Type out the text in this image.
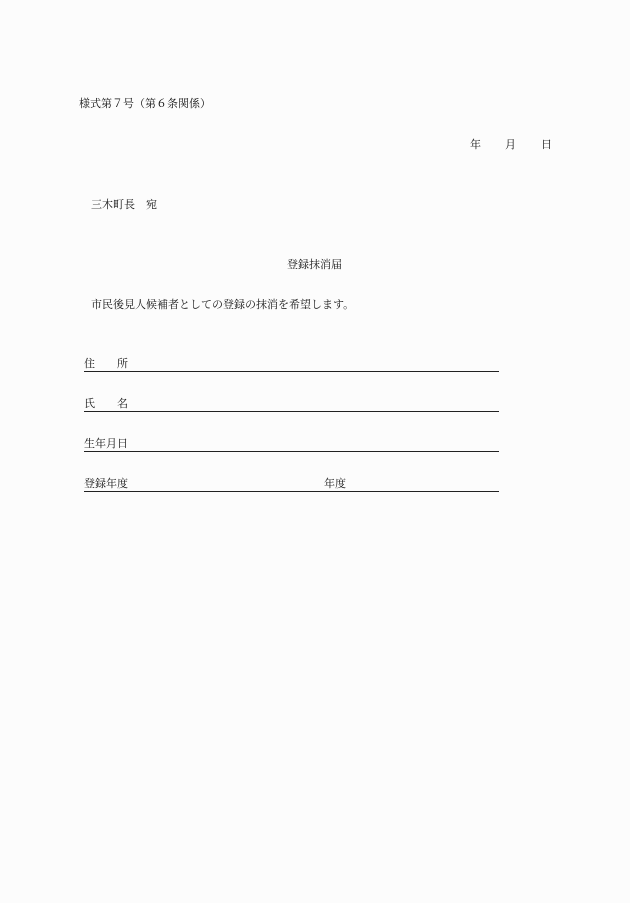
様式第７号（第６条関係）
年 月 日
三木町長　宛
登録抹消届
市民後見人候補者としての登録の抹消を希望します。
住　　所
氏　　名
生年月日
登録年度	年度
